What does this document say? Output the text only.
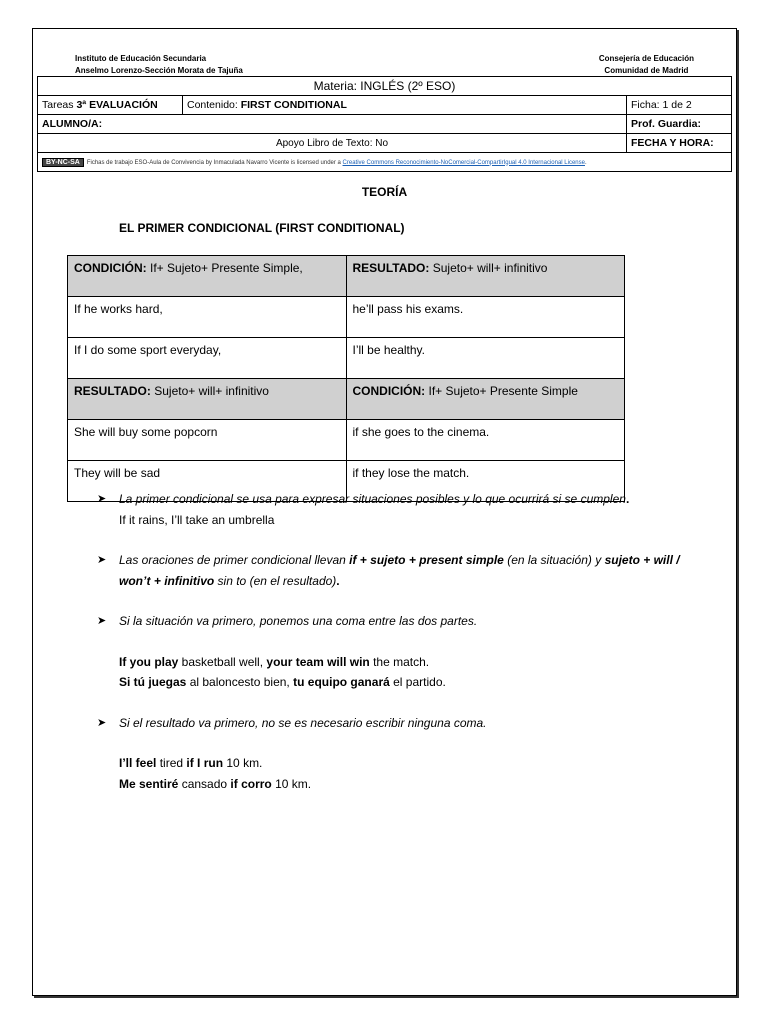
Instituto de Educación Secundaria
Anselmo Lorenzo-Sección Morata de Tajuña
Consejería de Educación
Comunidad de Madrid
Materia: INGLÉS (2º ESO)		
Tareas 3ª EVALUACIÓN	Contenido: FIRST CONDITIONAL	Ficha: 1 de 2
ALUMNO/A:		Prof. Guardia:
Apoyo Libro de Texto: No		FECHA Y HORA:
BY-NC-SA Fichas de trabajo ESO-Aula de Convivencia by Inmaculada Navarro Vicente is licensed under a Creative Commons Reconocimiento-NoComercial-CompartirIgual 4.0 Internacional License.		
TEORÍA
EL PRIMER CONDICIONAL (FIRST CONDITIONAL)
CONDICIÓN: If+ Sujeto+ Presente Simple,	RESULTADO: Sujeto+ will+ infinitivo
If he works hard,	he’ll pass his exams.
If I do some sport everyday,	I’ll be healthy.
RESULTADO: Sujeto+ will+ infinitivo	CONDICIÓN: If+ Sujeto+ Presente Simple
She will buy some popcorn	if she goes to the cinema.
They will be sad	if they lose the match.
➤	La primer condicional se usa para expresar situaciones posibles y lo que ocurrirá si se cumplen.
If it rains, I’ll take an umbrella
➤	Las oraciones de primer condicional llevan if + sujeto + present simple (en la situación) y sujeto + will / won’t + infinitivo sin to (en el resultado).
➤	Si la situación va primero, ponemos una coma entre las dos partes.
If you play basketball well, your team will win the match.
Si tú juegas al baloncesto bien, tu equipo ganará el partido.
➤	Si el resultado va primero, no se es necesario escribir ninguna coma.
I’ll feel tired if I run 10 km.
Me sentiré cansado if corro 10 km.
